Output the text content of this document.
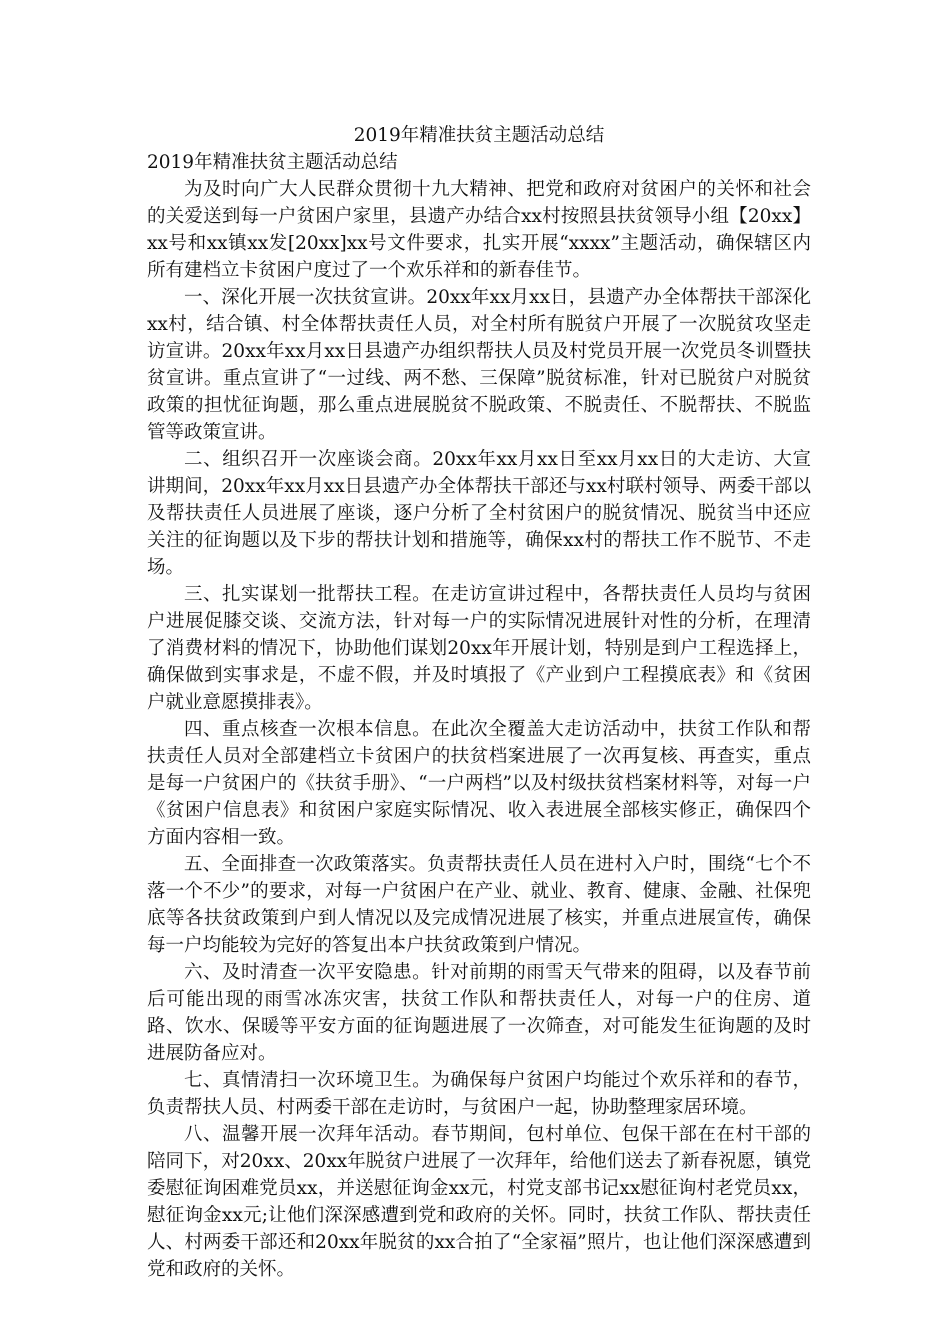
2019年精准扶贫主题活动总结

2019年精准扶贫主题活动总结

为及时向广大人民群众贯彻十九大精神、把党和政府对贫困户的关怀和社会的关爱送到每一户贫困户家里，县遗产办结合xx村按照县扶贫领导小组【20xx】xx号和xx镇xx发[20xx]xx号文件要求，扎实开展“xxxx”主题活动，确保辖区内所有建档立卡贫困户度过了一个欢乐祥和的新春佳节。

一、深化开展一次扶贫宣讲。20xx年xx月xx日，县遗产办全体帮扶干部深化xx村，结合镇、村全体帮扶责任人员，对全村所有脱贫户开展了一次脱贫攻坚走访宣讲。20xx年xx月xx日县遗产办组织帮扶人员及村党员开展一次党员冬训暨扶贫宣讲。重点宣讲了“一过线、两不愁、三保障”脱贫标准，针对已脱贫户对脱贫政策的担忧征询题，那么重点进展脱贫不脱政策、不脱责任、不脱帮扶、不脱监管等政策宣讲。

二、组织召开一次座谈会商。20xx年xx月xx日至xx月xx日的大走访、大宣讲期间，20xx年xx月xx日县遗产办全体帮扶干部还与xx村联村领导、两委干部以及帮扶责任人员进展了座谈，逐户分析了全村贫困户的脱贫情况、脱贫当中还应关注的征询题以及下步的帮扶计划和措施等，确保xx村的帮扶工作不脱节、不走场。

三、扎实谋划一批帮扶工程。在走访宣讲过程中，各帮扶责任人员均与贫困户进展促膝交谈、交流方法，针对每一户的实际情况进展针对性的分析，在理清了消费材料的情况下，协助他们谋划20xx年开展计划，特别是到户工程选择上，确保做到实事求是，不虚不假，并及时填报了《产业到户工程摸底表》和《贫困户就业意愿摸排表》。

四、重点核查一次根本信息。在此次全覆盖大走访活动中，扶贫工作队和帮扶责任人员对全部建档立卡贫困户的扶贫档案进展了一次再复核、再查实，重点是每一户贫困户的《扶贫手册》、“一户两档”以及村级扶贫档案材料等，对每一户《贫困户信息表》和贫困户家庭实际情况、收入表进展全部核实修正，确保四个方面内容相一致。

五、全面排查一次政策落实。负责帮扶责任人员在进村入户时，围绕“七个不落一个不少”的要求，对每一户贫困户在产业、就业、教育、健康、金融、社保兜底等各扶贫政策到户到人情况以及完成情况进展了核实，并重点进展宣传，确保每一户均能较为完好的答复出本户扶贫政策到户情况。

六、及时清查一次平安隐患。针对前期的雨雪天气带来的阻碍，以及春节前后可能出现的雨雪冰冻灾害，扶贫工作队和帮扶责任人，对每一户的住房、道路、饮水、保暖等平安方面的征询题进展了一次筛查，对可能发生征询题的及时进展防备应对。

七、真情清扫一次环境卫生。为确保每户贫困户均能过个欢乐祥和的春节，负责帮扶人员、村两委干部在走访时，与贫困户一起，协助整理家居环境。

八、温馨开展一次拜年活动。春节期间，包村单位、包保干部在在村干部的陪同下，对20xx、20xx年脱贫户进展了一次拜年，给他们送去了新春祝愿，镇党委慰征询困难党员xx，并送慰征询金xx元，村党支部书记xx慰征询村老党员xx，慰征询金xx元;让他们深深感遭到党和政府的关怀。同时，扶贫工作队、帮扶责任人、村两委干部还和20xx年脱贫的xx合拍了“全家福”照片，也让他们深深感遭到党和政府的关怀。
